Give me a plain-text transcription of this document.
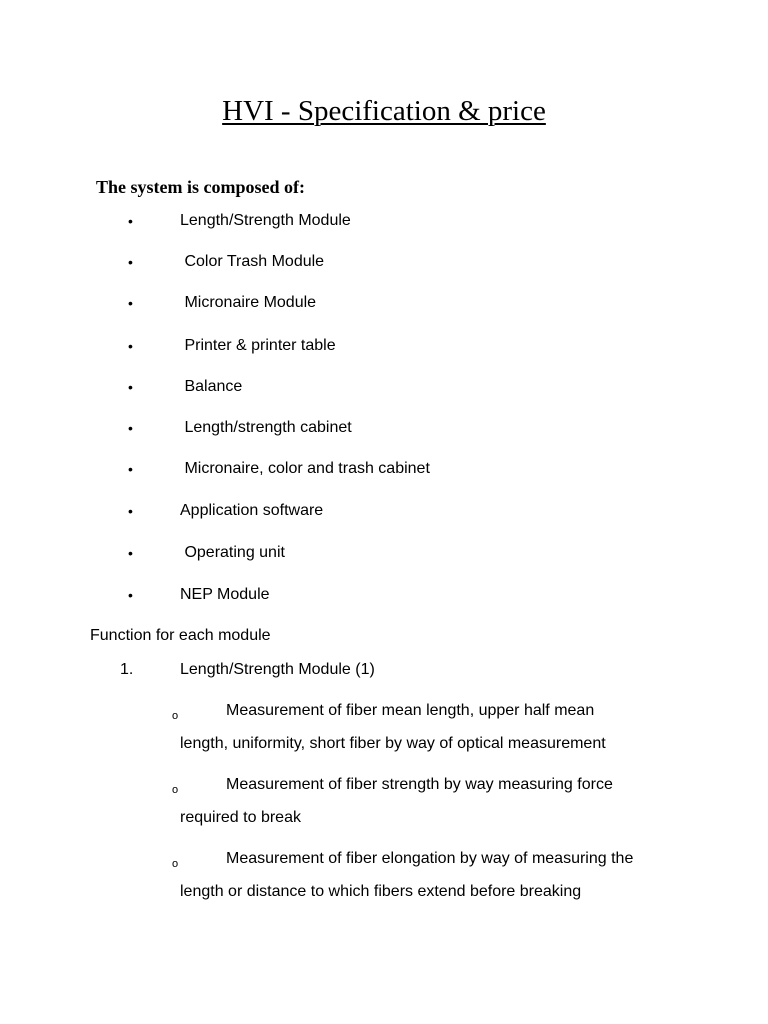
HVI - Specification & price
The system is composed of:
•	Length/Strength Module
•	Color Trash Module
•	Micronaire Module
•	Printer & printer table
•	Balance
•	Length/strength cabinet
•	Micronaire, color and trash cabinet
•	Application software
•	Operating unit
•	NEP Module
Function for each module
1.	Length/Strength Module (1)
o	Measurement of fiber mean length, upper half mean
length, uniformity, short fiber by way of optical measurement
o	Measurement of fiber strength by way measuring force
required to break
o	Measurement of fiber elongation by way of measuring the
length or distance to which fibers extend before breaking
